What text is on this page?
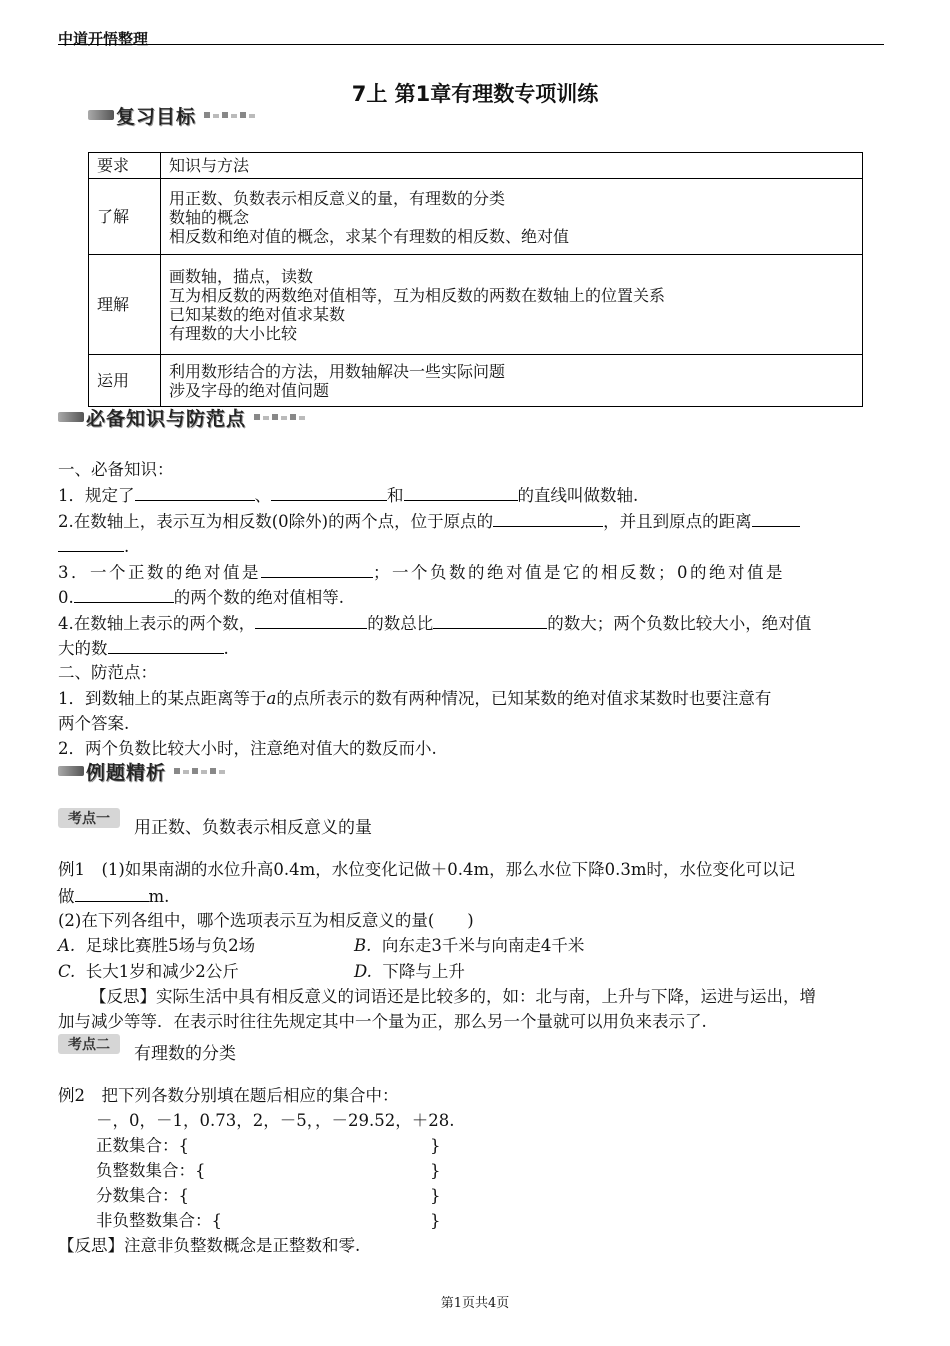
中道开悟整理
7上 第1章有理数专项训练
复习目标
要求	知识与方法
了解	用正数、负数表示相反意义的量，有理数的分类
数轴的概念
相反数和绝对值的概念，求某个有理数的相反数、绝对值

理解	画数轴，描点，读数
互为相反数的两数绝对值相等，互为相反数的两数在数轴上的位置关系
已知某数的绝对值求某数
有理数的大小比较

运用	利用数形结合的方法，用数轴解决一些实际问题
涉及字母的绝对值问题
必备知识与防范点
一、必备知识：
1．规定了	、	和	的直线叫做数轴.
2.在数轴上，表示互为相反数(0除外)的两个点，位于原点的	，并且到原点的距离
.
3．一个正数的绝对值是	；一个负数的绝对值是它的相反数；0的绝对值是
0.	的两个数的绝对值相等.
4.在数轴上表示的两个数，	的数总比	的数大；两个负数比较大小，绝对值
大的数	.
二、防范点：
1．到数轴上的某点距离等于a的点所表示的数有两种情况，已知某数的绝对值求某数时也要注意有
两个答案.
2．两个负数比较大小时，注意绝对值大的数反而小.
例题精析
考点一	用正数、负数表示相反意义的量
例1　(1)如果南湖的水位升高0.4m，水位变化记做＋0.4m，那么水位下降0.3m时，水位变化可以记
做	m.
(2)在下列各组中，哪个选项表示互为相反意义的量(　　)
A. 足球比赛胜5场与负2场	B. 向东走3千米与向南走4千米
C. 长大1岁和减少2公斤	D. 下降与上升
【反思】实际生活中具有相反意义的词语还是比较多的，如：北与南，上升与下降，运进与运出，增
加与减少等等．在表示时往往先规定其中一个量为正，那么另一个量就可以用负来表示了.
考点二	有理数的分类
例2　把下列各数分别填在题后相应的集合中：
－，0，－1，0.73，2，－5，，－29.52，＋28.
正数集合：{	}
负整数集合：{	}
分数集合：{	}
非负整数集合：{	}
【反思】注意非负整数概念是正整数和零.
第1页共4页
